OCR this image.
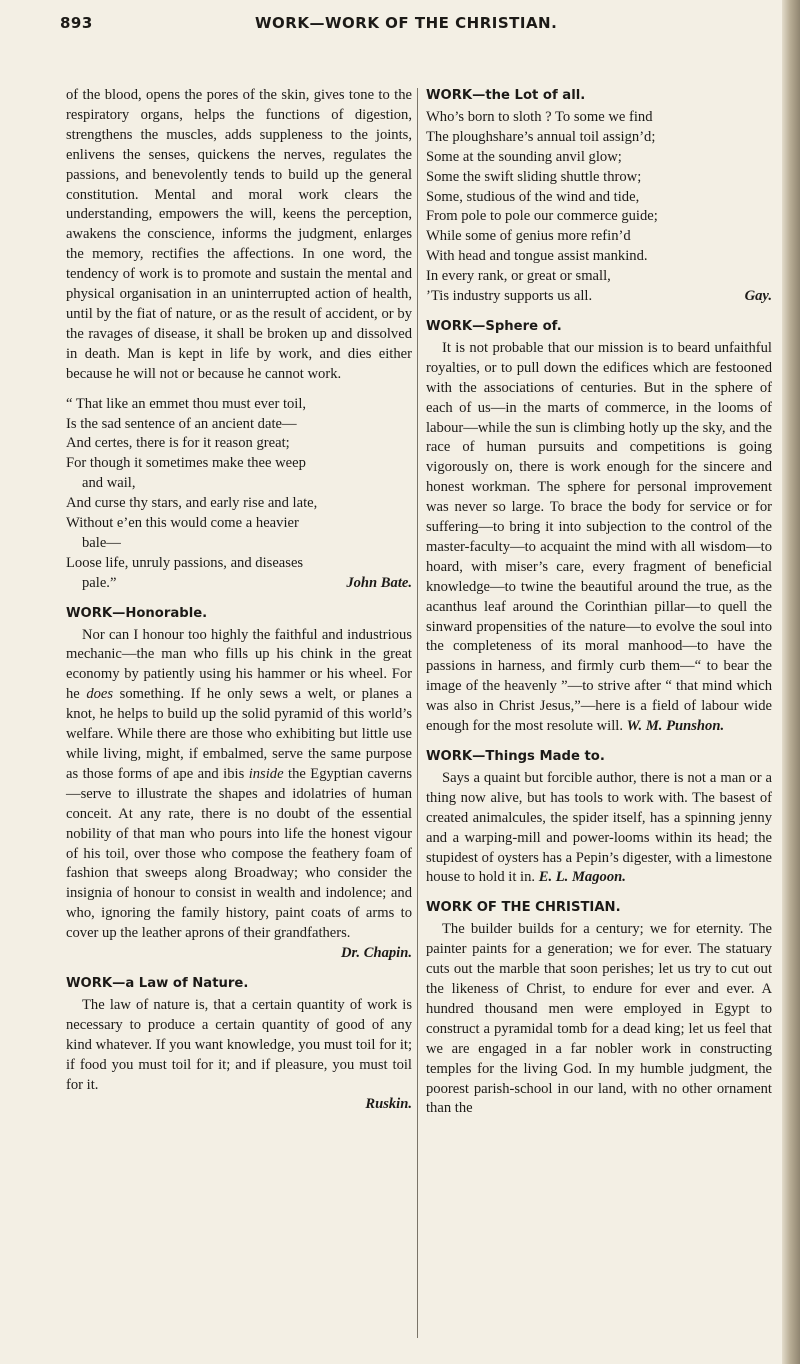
893	WORK—WORK OF THE CHRISTIAN.

of the blood, opens the pores of the skin, gives tone to the respiratory organs, helps the functions of digestion, strengthens the muscles, adds suppleness to the joints, enlivens the senses, quickens the nerves, regulates the passions, and benevolently tends to build up the general constitution. Mental and moral work clears the understanding, empowers the will, keens the perception, awakens the conscience, informs the judgment, enlarges the memory, rectifies the affections. In one word, the tendency of work is to promote and sustain the mental and physical organisation in an uninterrupted action of health, until by the fiat of nature, or as the result of accident, or by the ravages of disease, it shall be broken up and dissolved in death. Man is kept in life by work, and dies either because he will not or because he cannot work.

“ That like an emmet thou must ever toil,
Is the sad sentence of an ancient date—
And certes, there is for it reason great;
For though it sometimes make thee weep
and wail,
And curse thy stars, and early rise and late,
Without e’en this would come a heavier
bale—
Loose life, unruly passions, and diseases
pale.”	John Bate.
WORK—Honorable.

Nor can I honour too highly the faithful and industrious mechanic—the man who fills up his chink in the great economy by patiently using his hammer or his wheel. For he does something. If he only sews a welt, or planes a knot, he helps to build up the solid pyramid of this world’s welfare. While there are those who exhibiting but little use while living, might, if embalmed, serve the same purpose as those forms of ape and ibis inside the Egyptian caverns—serve to illustrate the shapes and idolatries of human conceit. At any rate, there is no doubt of the essential nobility of that man who pours into life the honest vigour of his toil, over those who compose the feathery foam of fashion that sweeps along Broadway; who consider the insignia of honour to consist in wealth and indolence; and who, ignoring the family history, paint coats of arms to cover up the leather aprons of their grandfathers.

Dr. Chapin.

WORK—a Law of Nature.

The law of nature is, that a certain quantity of work is necessary to produce a certain quantity of good of any kind whatever. If you want knowledge, you must toil for it; if food you must toil for it; and if pleasure, you must toil for it.

Ruskin.

WORK—the Lot of all.
Who’s born to sloth ? To some we find
The ploughshare’s annual toil assign’d;
Some at the sounding anvil glow;
Some the swift sliding shuttle throw;
Some, studious of the wind and tide,
From pole to pole our commerce guide;
While some of genius more refin’d
With head and tongue assist mankind.
In every rank, or great or small,
’Tis industry supports us all.	Gay.
WORK—Sphere of.

It is not probable that our mission is to beard unfaithful royalties, or to pull down the edifices which are festooned with the associations of centuries. But in the sphere of each of us—in the marts of commerce, in the looms of labour—while the sun is climbing hotly up the sky, and the race of human pursuits and competitions is going vigorously on, there is work enough for the sincere and honest workman. The sphere for personal improvement was never so large. To brace the body for service or for suffering—to bring it into subjection to the control of the master-faculty—to acquaint the mind with all wisdom—to hoard, with miser’s care, every fragment of beneficial knowledge—to twine the beautiful around the true, as the acanthus leaf around the Corinthian pillar—to quell the sinward propensities of the nature—to evolve the soul into the completeness of its moral manhood—to have the passions in harness, and firmly curb them—“ to bear the image of the heavenly ”—to strive after “ that mind which was also in Christ Jesus,”—here is a field of labour wide enough for the most resolute will. W. M. Punshon.

WORK—Things Made to.

Says a quaint but forcible author, there is not a man or a thing now alive, but has tools to work with. The basest of created animalcules, the spider itself, has a spinning jenny and a warping-mill and power-looms within its head; the stupidest of oysters has a Pepin’s digester, with a limestone house to hold it in. E. L. Magoon.

WORK OF THE CHRISTIAN.

The builder builds for a century; we for eternity. The painter paints for a generation; we for ever. The statuary cuts out the marble that soon perishes; let us try to cut out the likeness of Christ, to endure for ever and ever. A hundred thousand men were employed in Egypt to construct a pyramidal tomb for a dead king; let us feel that we are engaged in a far nobler work in constructing temples for the living God. In my humble judgment, the poorest parish-school in our land, with no other ornament than the
